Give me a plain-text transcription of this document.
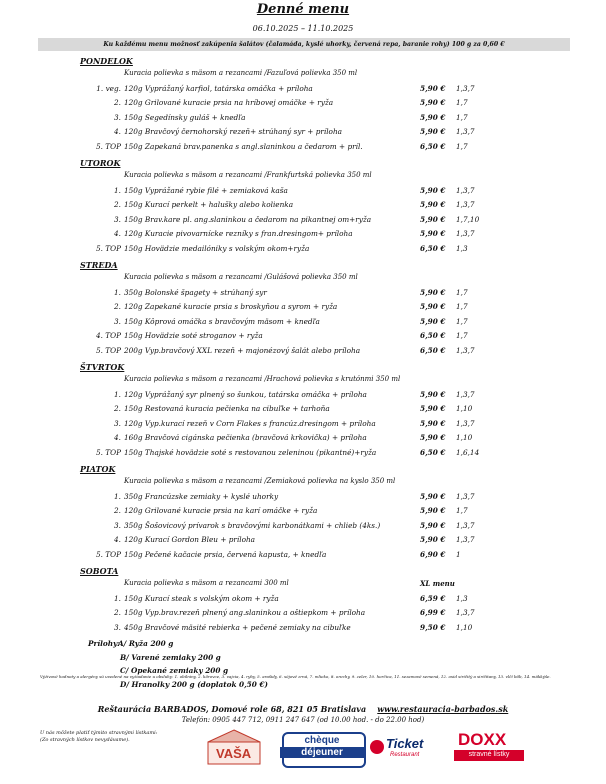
Denné menu
06.10.2025 – 11.10.2025
Ku každému menu možnosť zakúpenia šalátov (čalamáda, kyslé uhorky, červená repa, baranie rohy) 100 g za 0,60 €
PONDELOK
Kuracia polievka s mäsom a rezancami /Fazuľová polievka 350 ml
1. veg. 120g Vyprážaný karfiol, tatárska omáčka + príloha	5,90 € 1,3,7
2. 120g Grilované kuracie prsia na hríbovej omáčke + ryža	5,90 € 1,7
3. 150g Segedínsky guláš + knedľa	5,90 € 1,7
4. 120g Bravčový černohorský rezeň+ strúhaný syr + príloha	5,90 € 1,3,7
5. TOP 150g Zapekaná brav.panenka s angl.slaninkou a čedarom + príl.	6,50 € 1,7
UTOROK
Kuracia polievka s mäsom a rezancami /Frankfurtská polievka 350 ml
1. 150g Vyprážané rybie filé + zemiaková kaša	5,90 € 1,3,7
2. 150g Kurací perkelt + halušky alebo kolienka	5,90 € 1,3,7
3. 150g Brav.kare pl. ang.slaninkou a čedarom na pikantnej om+ryža	5,90 € 1,7,10
4. 120g Kuracie pivovarnícke rezníky s fran.dresingom+ príloha	5,90 € 1,3,7
5. TOP 150g Hovädzie medailóniky s volským okom+ryža	6,50 € 1,3
STREDA
Kuracia polievka s mäsom a rezancami /Gulášová polievka 350 ml
1. 350g Bolonské špagety + strúhaný syr	5,90 € 1,7
2. 120g Zapekané kuracie prsia s broskyňou a syrom + ryža	5,90 € 1,7
3. 150g Kôprová omáčka s bravčovým mäsom + knedľa	5,90 € 1,7
4. TOP 150g Hovädzie soté stroganov + ryža	6,50 € 1,7
5. TOP 200g Vyp.bravčový XXL rezeň + majonézový šalát alebo príloha	6,50 € 1,3,7
ŠTVRTOK
Kuracia polievka s mäsom a rezancami /Hrachová polievka s krutónmi 350 ml
1. 120g Vyprážaný syr plnený so šunkou, tatárska omáčka + príloha	5,90 € 1,3,7
2. 150g Restovaná kuracia pečienka na cibuľke + tarhoňa	5,90 € 1,10
3. 120g Vyp.kurací rezeň v Corn Flakes s francúz.dresingom + príloha	5,90 € 1,3,7
4. 160g Bravčová cigánska pečienka (bravčová krkovička) + príloha	5,90 € 1,10
5. TOP 150g Thajské hovädzie soté s restovanou zeleninou (pikantné)+ryža	6,50 € 1,6,14
PIATOK
Kuracia polievka s mäsom a rezancami /Zemiaková polievka na kyslo 350 ml
1. 350g Francúzske zemiaky + kyslé uhorky	5,90 € 1,3,7
2. 120g Grilované kuracie prsia na karí omáčke + ryža	5,90 € 1,7
3. 350g Šošovicový prívarok s bravčovými karbonátkami + chlieb (4ks.)	5,90 € 1,3,7
4. 120g Kurací Gordon Bleu + príloha	5,90 € 1,3,7
5. TOP 150g Pečené kačacie prsia, červená kapusta, + knedľa	6,90 € 1
SOBOTA
Kuracia polievka s mäsom a rezancami 300 ml	XL menu
1. 150g Kurací steak s volským okom + ryža	6,59 € 1,3
2. 150g Vyp.brav.rezeň plnený ang.slaninkou a oštiepkom + príloha	6,99 € 1,3,7
3. 450g Bravčové mäsité rebierka + pečené zemiaky na cibuľke	9,50 € 1,10
Prílohy:
A/ Ryža 200 g
B/ Varené zemiaky 200 g
C/ Opekané zemiaky 200 g
D/ Hranolky 200 g (doplatok 0,50 €)
Výživové hodnoty a alergény sú uvedené na vyžiadanie u obsluhy: 1. obilniny, 2. kôrovce, 3. vajcia, 4. ryby, 5. arašidy, 6. sójové zrná, 7. mlieko, 8. orechy, 9. zeler, 10. horčica, 11. sezamové semená, 12. oxid siričitý a siričitany, 13. vlčí bôb, 14. mäkkýše.
Reštaurácia BARBADOS, Domové role 68, 821 05 Bratislava www.restauracia-barbados.sk
Telefón: 0905 447 712, 0911 247 647 (od 10.00 hod. - do 22.00 hod)
U nás môžete platiť týmito stravnými lístkami: (Zo stravných lístkov nevydávame).
VAŠA
chèque
déjeuner
Ticket
Restaurant
DOXX
stravné lístky
